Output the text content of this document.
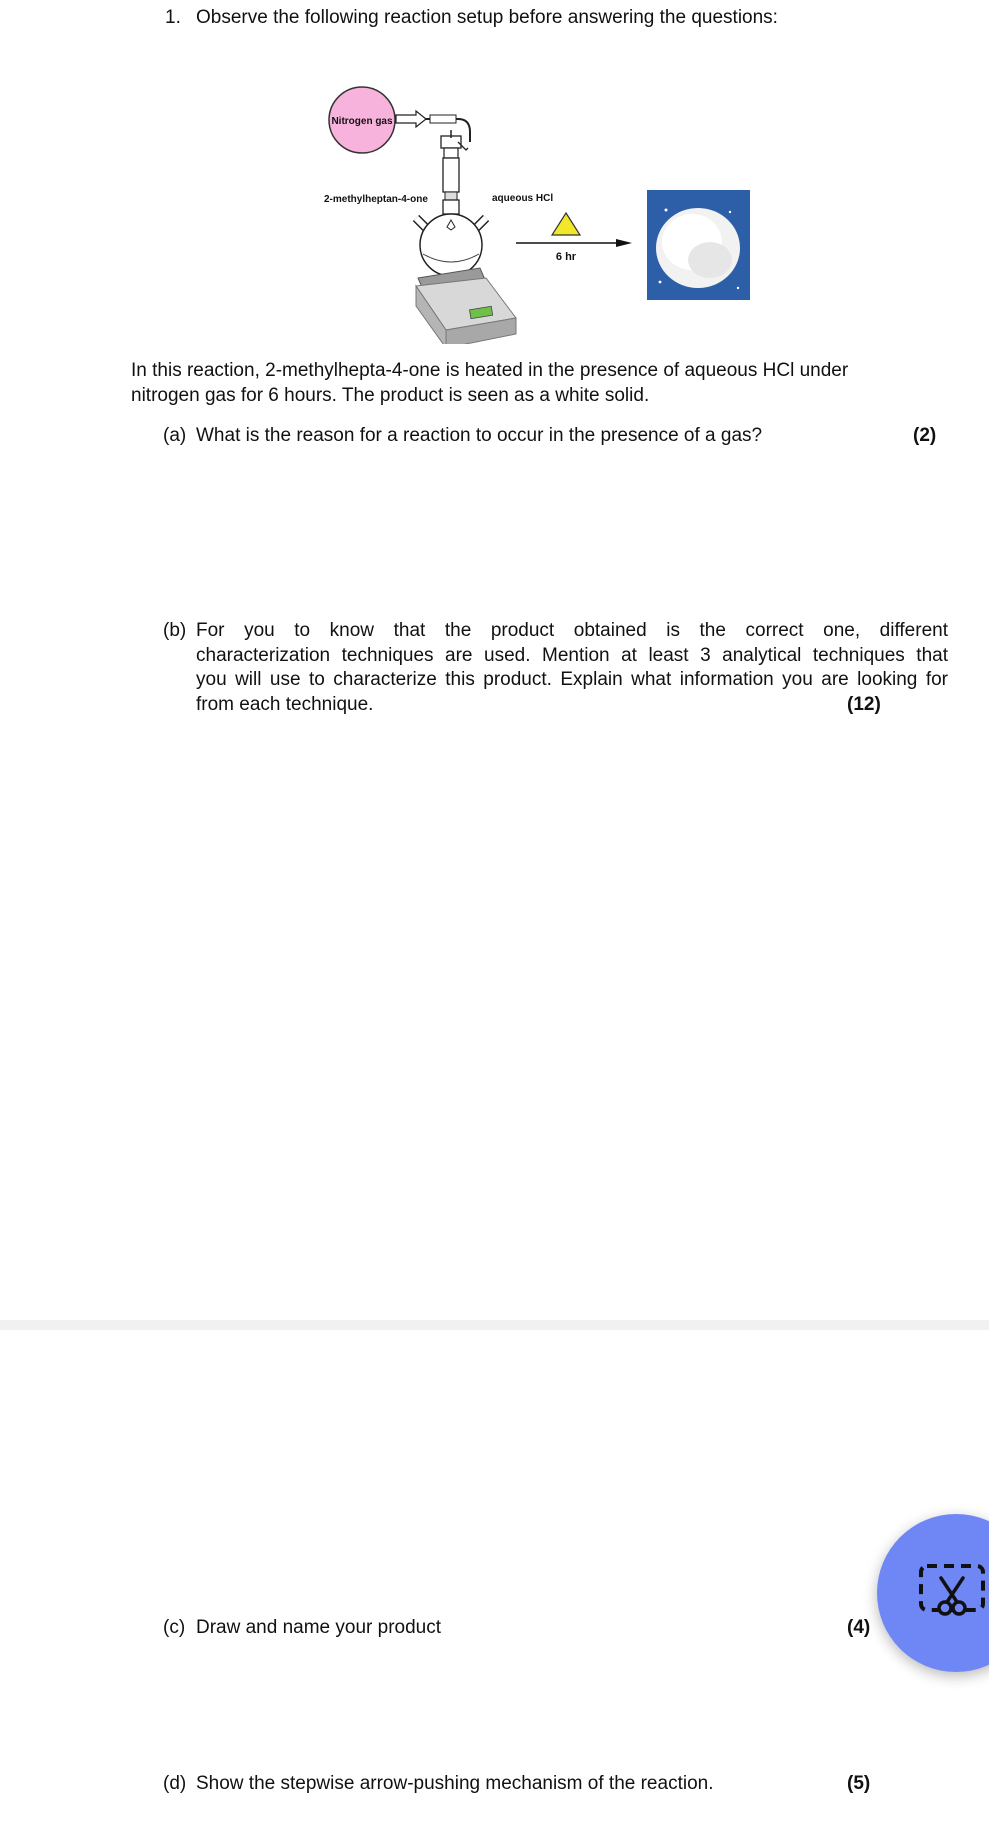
1. Observe the following reaction setup before answering the questions:
Nitrogen gas
2-methylheptan-4-one	aqueous HCl
6 hr
In this reaction, 2-methylhepta-4-one is heated in the presence of aqueous HCl under
nitrogen gas for 6 hours. The product is seen as a white solid.
(a) What is the reason for a reaction to occur in the presence of a gas?	(2)
(b) For you to know that the product obtained is the correct one, different
characterization techniques are used. Mention at least 3 analytical techniques that
you will use to characterize this product. Explain what information you are looking for
from each technique.	(12)
(c) Draw and name your product	(4)
(d) Show the stepwise arrow-pushing mechanism of the reaction.	(5)
